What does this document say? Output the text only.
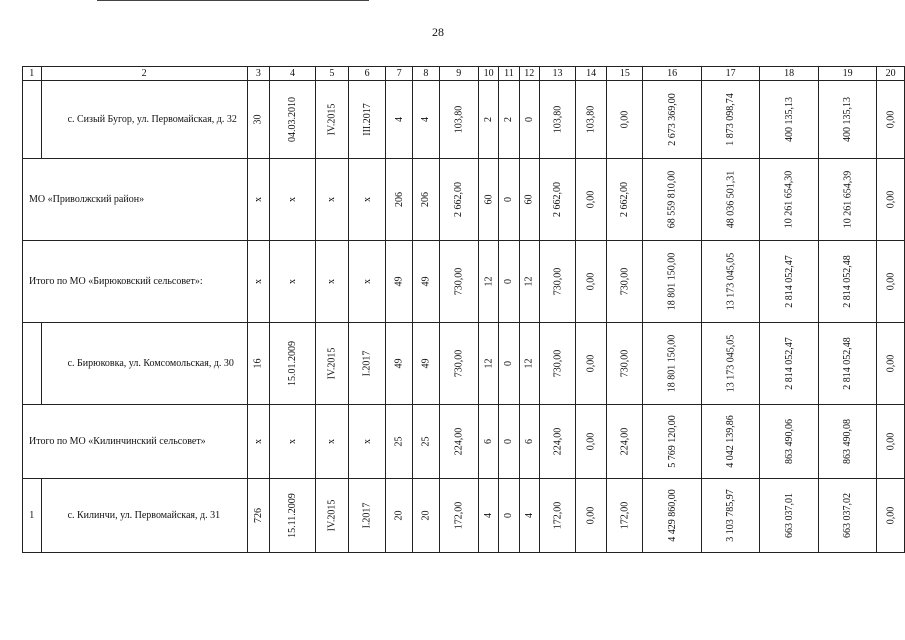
28
1	2	3	4	5	6	7	8	9	10	11	12	13	14	15	16	17	18	19	20
	с. Сизый Бугор, ул. Первомайская, д. 32	30	04.03.2010	IV.2015	III.2017	4	4	103,80	2	2	0	103,80	103,80	0,00	2 673 369,00	1 873 098,74	400 135,13	400 135,13	0,00
МО «Приволжский район»		x	x	x	x	206	206	2 662,00	60	0	60	2 662,00	0,00	2 662,00	68 559 810,00	48 036 501,31	10 261 654,30	10 261 654,39	0,00
Итого по МО «Бирюковский сельсовет»:		x	x	x	x	49	49	730,00	12	0	12	730,00	0,00	730,00	18 801 150,00	13 173 045,05	2 814 052,47	2 814 052,48	0,00
	с. Бирюковка, ул. Комсомольская, д. 30	16	15.01.2009	IV.2015	I.2017	49	49	730,00	12	0	12	730,00	0,00	730,00	18 801 150,00	13 173 045,05	2 814 052,47	2 814 052,48	0,00
Итого по МО «Килинчинский сельсовет»		x	x	x	x	25	25	224,00	6	0	6	224,00	0,00	224,00	5 769 120,00	4 042 139,86	863 490,06	863 490,08	0,00
1	с. Килинчи, ул. Первомайская, д. 31	726	15.11.2009	IV.2015	I.2017	20	20	172,00	4	0	4	172,00	0,00	172,00	4 429 860,00	3 103 785,97	663 037,01	663 037,02	0,00
